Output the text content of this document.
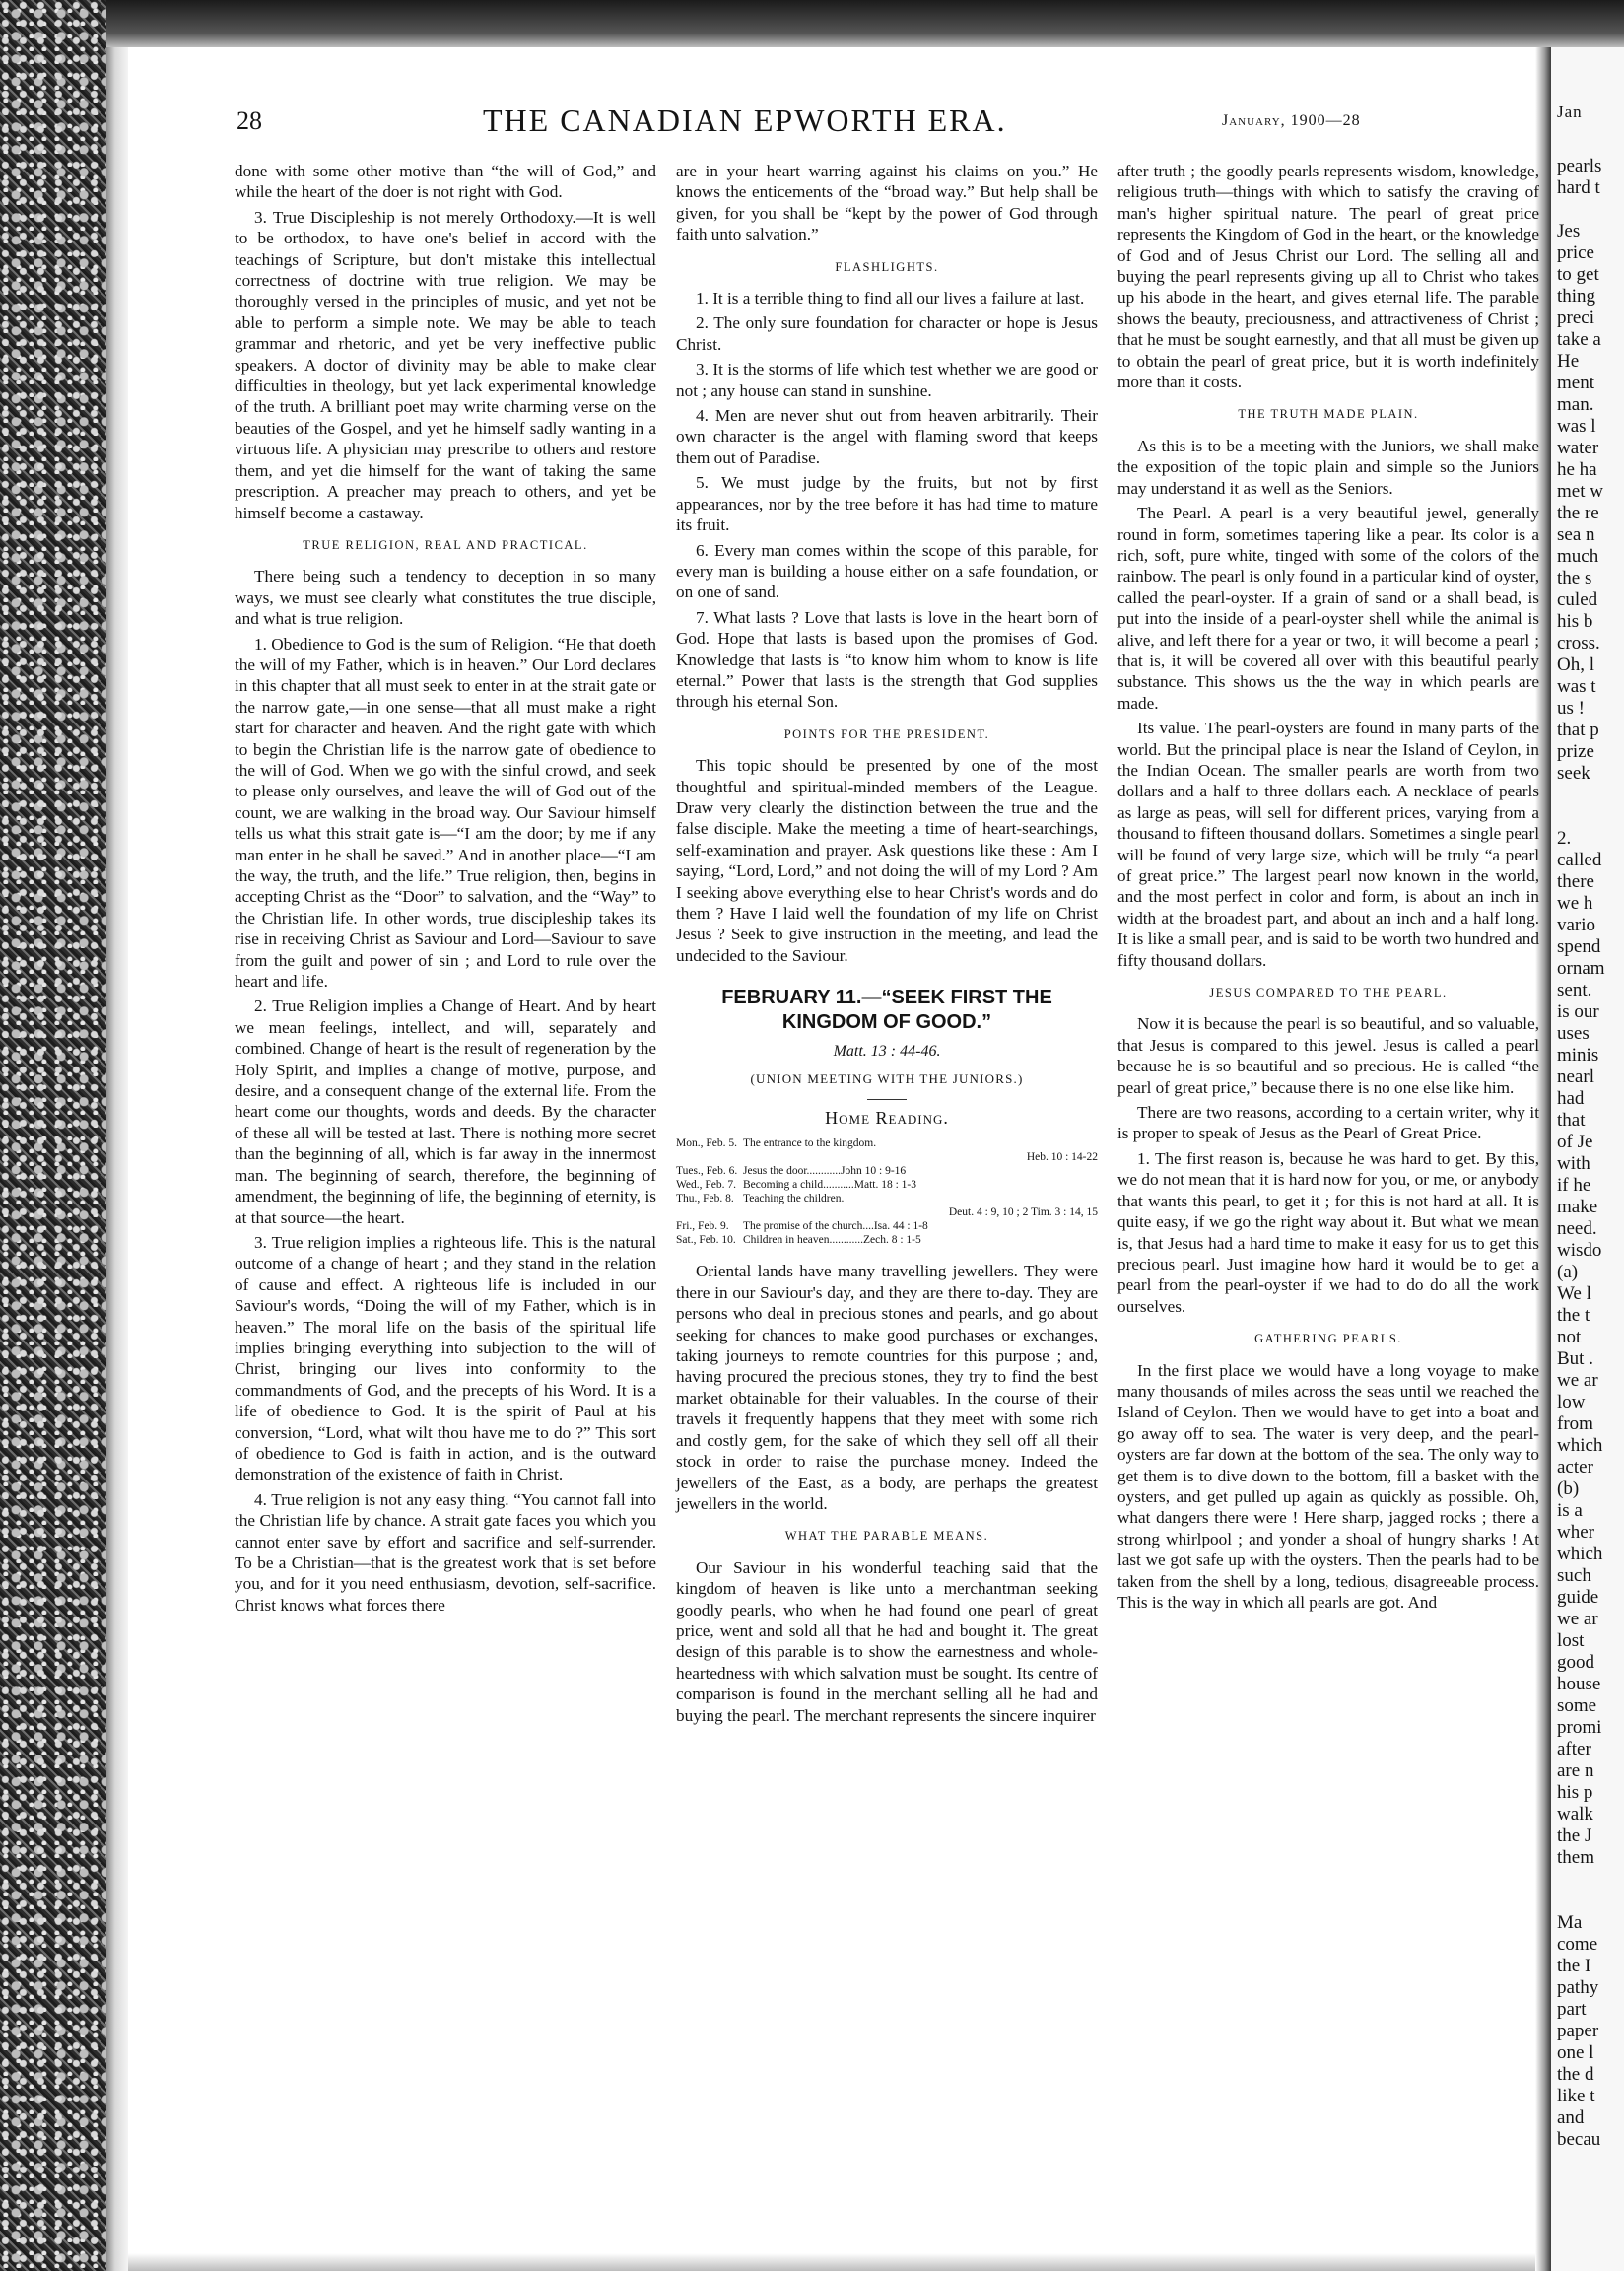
Jan
pearls
hard t

Jes
price
to get
thing
preci
take a
He
ment
man.
was l
water
he ha
met w
the re
sea n
much
the s
culed
his b
cross.
Oh, l
was t
us !
that p
prize
seek

2.
called
there
we h
vario
spend
ornam
sent.
is our
uses
minis
nearl
had
that
of Je
with
if he
make
need.
wisdo
(a)
We l
the t
not
But .
we ar
low
from
which
acter
(b)
is a
wher
which
such
guide
we ar
lost
good
house
some
promi
after
are n
his p
walk
the J
them

Ma
come
the I
pathy
part
paper
one l
the d
like t
and
becau
28	THE CANADIAN EPWORTH ERA.	January, 1900—28

done with some other motive than “the will of God,” and while the heart of the doer is not right with God.

3. True Discipleship is not merely Orthodoxy.—It is well to be orthodox, to have one's belief in accord with the teachings of Scripture, but don't mistake this intellectual correctness of doctrine with true religion. We may be thoroughly versed in the principles of music, and yet not be able to perform a simple note. We may be able to teach grammar and rhetoric, and yet be very ineffective public speakers. A doctor of divinity may be able to make clear difficulties in theology, but yet lack experimental knowledge of the truth. A brilliant poet may write charming verse on the beauties of the Gospel, and yet he himself sadly wanting in a virtuous life. A physician may prescribe to others and restore them, and yet die himself for the want of taking the same prescription. A preacher may preach to others, and yet be himself become a castaway.

TRUE RELIGION, REAL AND PRACTICAL.

There being such a tendency to deception in so many ways, we must see clearly what constitutes the true disciple, and what is true religion.

1. Obedience to God is the sum of Religion. “He that doeth the will of my Father, which is in heaven.” Our Lord declares in this chapter that all must seek to enter in at the strait gate or the narrow gate,—in one sense—that all must make a right start for character and heaven. And the right gate with which to begin the Christian life is the narrow gate of obedience to the will of God. When we go with the sinful crowd, and seek to please only ourselves, and leave the will of God out of the count, we are walking in the broad way. Our Saviour himself tells us what this strait gate is—“I am the door; by me if any man enter in he shall be saved.” And in another place—“I am the way, the truth, and the life.” True religion, then, begins in accepting Christ as the “Door” to salvation, and the “Way” to the Christian life. In other words, true discipleship takes its rise in receiving Christ as Saviour and Lord—Saviour to save from the guilt and power of sin ; and Lord to rule over the heart and life.

2. True Religion implies a Change of Heart. And by heart we mean feelings, intellect, and will, separately and combined. Change of heart is the result of regeneration by the Holy Spirit, and implies a change of motive, purpose, and desire, and a consequent change of the external life. From the heart come our thoughts, words and deeds. By the character of these all will be tested at last. There is nothing more secret than the beginning of all, which is far away in the innermost man. The beginning of search, therefore, the beginning of amendment, the beginning of life, the beginning of eternity, is at that source—the heart.

3. True religion implies a righteous life. This is the natural outcome of a change of heart ; and they stand in the relation of cause and effect. A righteous life is included in our Saviour's words, “Doing the will of my Father, which is in heaven.” The moral life on the basis of the spiritual life implies bringing everything into subjection to the will of Christ, bringing our lives into conformity to the commandments of God, and the precepts of his Word. It is a life of obedience to God. It is the spirit of Paul at his conversion, “Lord, what wilt thou have me to do ?” This sort of obedience to God is faith in action, and is the outward demonstration of the existence of faith in Christ.

4. True religion is not any easy thing. “You cannot fall into the Christian life by chance. A strait gate faces you which you cannot enter save by effort and sacrifice and self-surrender. To be a Christian—that is the greatest work that is set before you, and for it you need enthusiasm, devotion, self-sacrifice. Christ knows what forces there

are in your heart warring against his claims on you.” He knows the enticements of the “broad way.” But help shall be given, for you shall be “kept by the power of God through faith unto salvation.”

FLASHLIGHTS.

1. It is a terrible thing to find all our lives a failure at last.

2. The only sure foundation for character or hope is Jesus Christ.

3. It is the storms of life which test whether we are good or not ; any house can stand in sunshine.

4. Men are never shut out from heaven arbitrarily. Their own character is the angel with flaming sword that keeps them out of Paradise.

5. We must judge by the fruits, but not by first appearances, nor by the tree before it has had time to mature its fruit.

6. Every man comes within the scope of this parable, for every man is building a house either on a safe foundation, or on one of sand.

7. What lasts ? Love that lasts is love in the heart born of God. Hope that lasts is based upon the promises of God. Knowledge that lasts is “to know him whom to know is life eternal.” Power that lasts is the strength that God supplies through his eternal Son.

POINTS FOR THE PRESIDENT.

This topic should be presented by one of the most thoughtful and spiritual-minded members of the League. Draw very clearly the distinction between the true and the false disciple. Make the meeting a time of heart-searchings, self-examination and prayer. Ask questions like these : Am I saying, “Lord, Lord,” and not doing the will of my Lord ? Am I seeking above everything else to hear Christ's words and do them ? Have I laid well the foundation of my life on Christ Jesus ? Seek to give instruction in the meeting, and lead the undecided to the Saviour.

FEBRUARY 11.—“SEEK FIRST THE KINGDOM OF GOOD.”
Matt. 13 : 44-46.
(UNION MEETING WITH THE JUNIORS.)
Home Reading.
Mon., Feb. 5. The entrance to the kingdom.
Heb. 10 : 14-22
Tues., Feb. 6. Jesus the door............John 10 : 9-16
Wed., Feb. 7. Becoming a child...........Matt. 18 : 1-3
Thu., Feb. 8. Teaching the children.
Deut. 4 : 9, 10 ; 2 Tim. 3 : 14, 15
Fri., Feb. 9.	The promise of the church....Isa. 44 : 1-8
Sat., Feb. 10. Children in heaven............Zech. 8 : 1-5

Oriental lands have many travelling jewellers. They were there in our Saviour's day, and they are there to-day. They are persons who deal in precious stones and pearls, and go about seeking for chances to make good purchases or exchanges, taking journeys to remote countries for this purpose ; and, having procured the precious stones, they try to find the best market obtainable for their valuables. In the course of their travels it frequently happens that they meet with some rich and costly gem, for the sake of which they sell off all their stock in order to raise the purchase money. Indeed the jewellers of the East, as a body, are perhaps the greatest jewellers in the world.

WHAT THE PARABLE MEANS.

Our Saviour in his wonderful teaching said that the kingdom of heaven is like unto a merchantman seeking goodly pearls, who when he had found one pearl of great price, went and sold all that he had and bought it. The great design of this parable is to show the earnestness and whole-heartedness with which salvation must be sought. Its centre of comparison is found in the merchant selling all he had and buying the pearl. The merchant represents the sincere inquirer

after truth ; the goodly pearls represents wisdom, knowledge, religious truth—things with which to satisfy the craving of man's higher spiritual nature. The pearl of great price represents the Kingdom of God in the heart, or the knowledge of God and of Jesus Christ our Lord. The selling all and buying the pearl represents giving up all to Christ who takes up his abode in the heart, and gives eternal life. The parable shows the beauty, preciousness, and attractiveness of Christ ; that he must be sought earnestly, and that all must be given up to obtain the pearl of great price, but it is worth indefinitely more than it costs.

THE TRUTH MADE PLAIN.

As this is to be a meeting with the Juniors, we shall make the exposition of the topic plain and simple so the Juniors may understand it as well as the Seniors.

The Pearl. A pearl is a very beautiful jewel, generally round in form, sometimes tapering like a pear. Its color is a rich, soft, pure white, tinged with some of the colors of the rainbow. The pearl is only found in a particular kind of oyster, called the pearl-oyster. If a grain of sand or a shall bead, is put into the inside of a pearl-oyster shell while the animal is alive, and left there for a year or two, it will become a pearl ; that is, it will be covered all over with this beautiful pearly substance. This shows us the the way in which pearls are made.

Its value. The pearl-oysters are found in many parts of the world. But the principal place is near the Island of Ceylon, in the Indian Ocean. The smaller pearls are worth from two dollars and a half to three dollars each. A necklace of pearls as large as peas, will sell for different prices, varying from a thousand to fifteen thousand dollars. Sometimes a single pearl will be found of very large size, which will be truly “a pearl of great price.” The largest pearl now known in the world, and the most perfect in color and form, is about an inch in width at the broadest part, and about an inch and a half long. It is like a small pear, and is said to be worth two hundred and fifty thousand dollars.

JESUS COMPARED TO THE PEARL.

Now it is because the pearl is so beautiful, and so valuable, that Jesus is compared to this jewel. Jesus is called a pearl because he is so beautiful and so precious. He is called “the pearl of great price,” because there is no one else like him.

There are two reasons, according to a certain writer, why it is proper to speak of Jesus as the Pearl of Great Price.

1. The first reason is, because he was hard to get. By this, we do not mean that it is hard now for you, or me, or anybody that wants this pearl, to get it ; for this is not hard at all. It is quite easy, if we go the right way about it. But what we mean is, that Jesus had a hard time to make it easy for us to get this precious pearl. Just imagine how hard it would be to get a pearl from the pearl-oyster if we had to do do all the work ourselves.

GATHERING PEARLS.

In the first place we would have a long voyage to make many thousands of miles across the seas until we reached the Island of Ceylon. Then we would have to get into a boat and go away off to sea. The water is very deep, and the pearl-oysters are far down at the bottom of the sea. The only way to get them is to dive down to the bottom, fill a basket with the oysters, and get pulled up again as quickly as possible. Oh, what dangers there were ! Here sharp, jagged rocks ; there a strong whirlpool ; and yonder a shoal of hungry sharks ! At last we got safe up with the oysters. Then the pearls had to be taken from the shell by a long, tedious, disagreeable process. This is the way in which all pearls are got. And
